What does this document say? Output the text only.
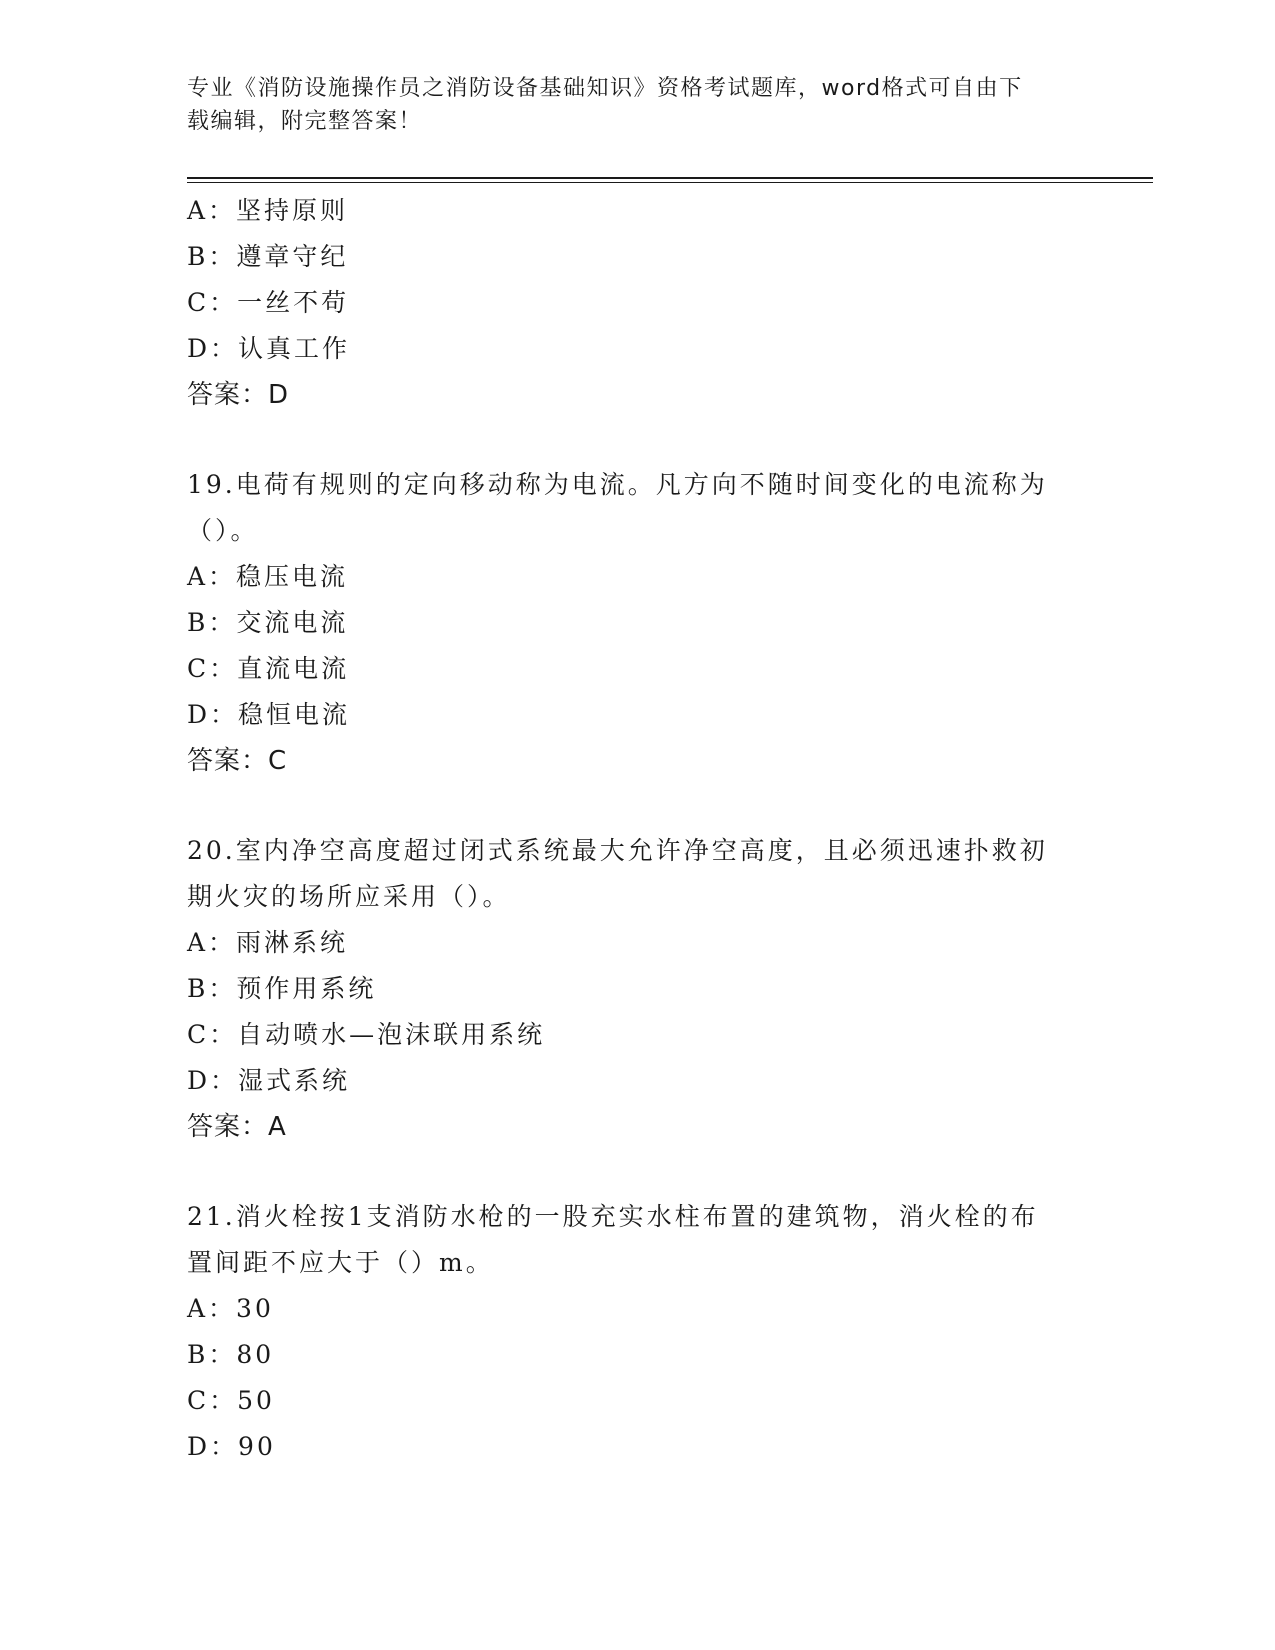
专业《消防设施操作员之消防设备基础知识》资格考试题库，word格式可自由下
载编辑，附完整答案！
A：坚持原则
B：遵章守纪
C：一丝不苟
D：认真工作
答案：D
19.电荷有规则的定向移动称为电流。凡方向不随时间变化的电流称为
（）。
A：稳压电流
B：交流电流
C：直流电流
D：稳恒电流
答案：C
20.室内净空高度超过闭式系统最大允许净空高度，且必须迅速扑救初
期火灾的场所应采用（）。
A：雨淋系统
B：预作用系统
C：自动喷水—泡沫联用系统
D：湿式系统
答案：A
21.消火栓按1支消防水枪的一股充实水柱布置的建筑物，消火栓的布
置间距不应大于（）m。
A：30
B：80
C：50
D：90
